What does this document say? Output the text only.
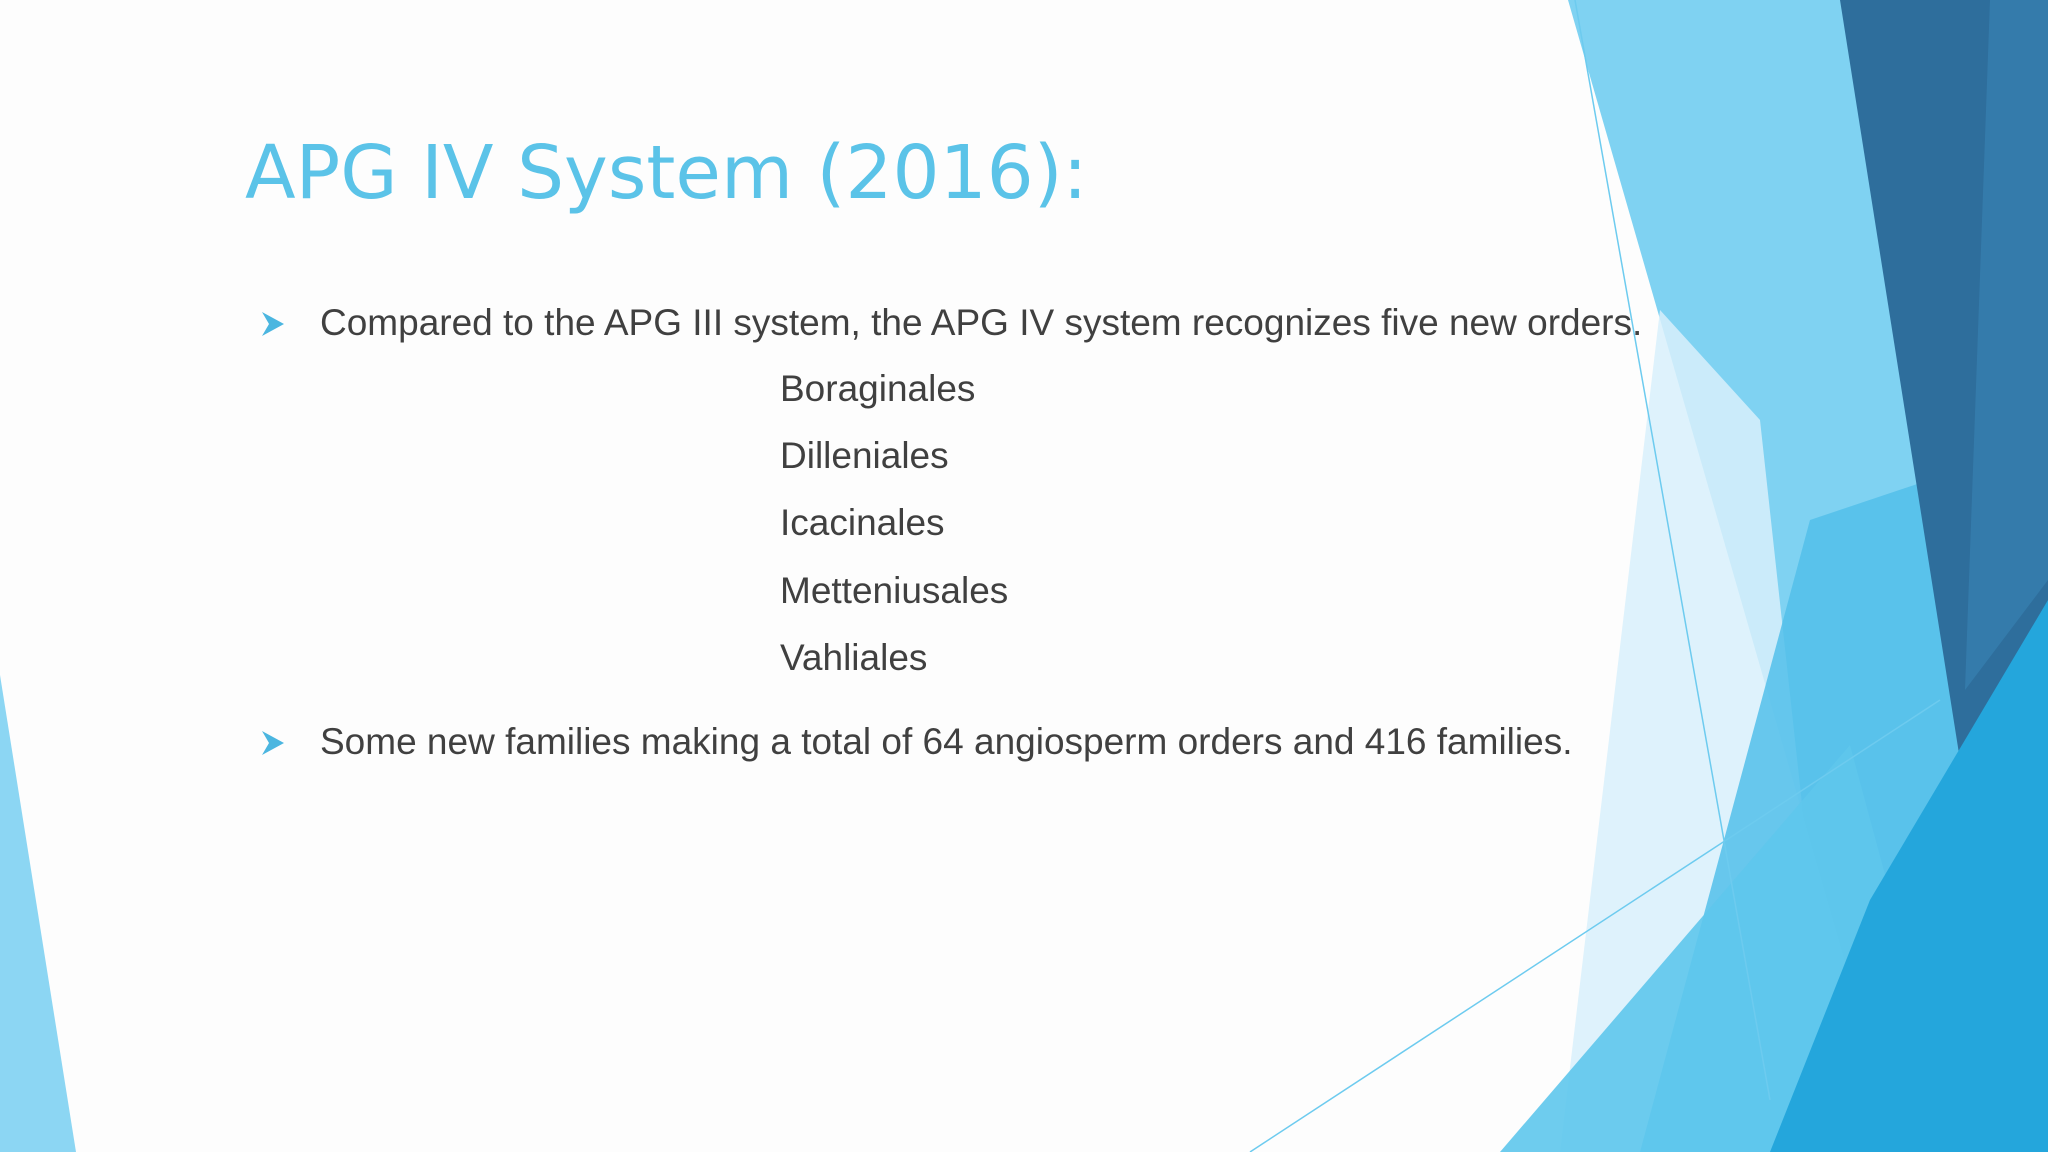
APG IV System (2016):
Compared to the APG III system, the APG IV system recognizes five new orders.
Boraginales
Dilleniales
Icacinales
Metteniusales
Vahliales
Some new families making a total of 64 angiosperm orders and 416 families.
